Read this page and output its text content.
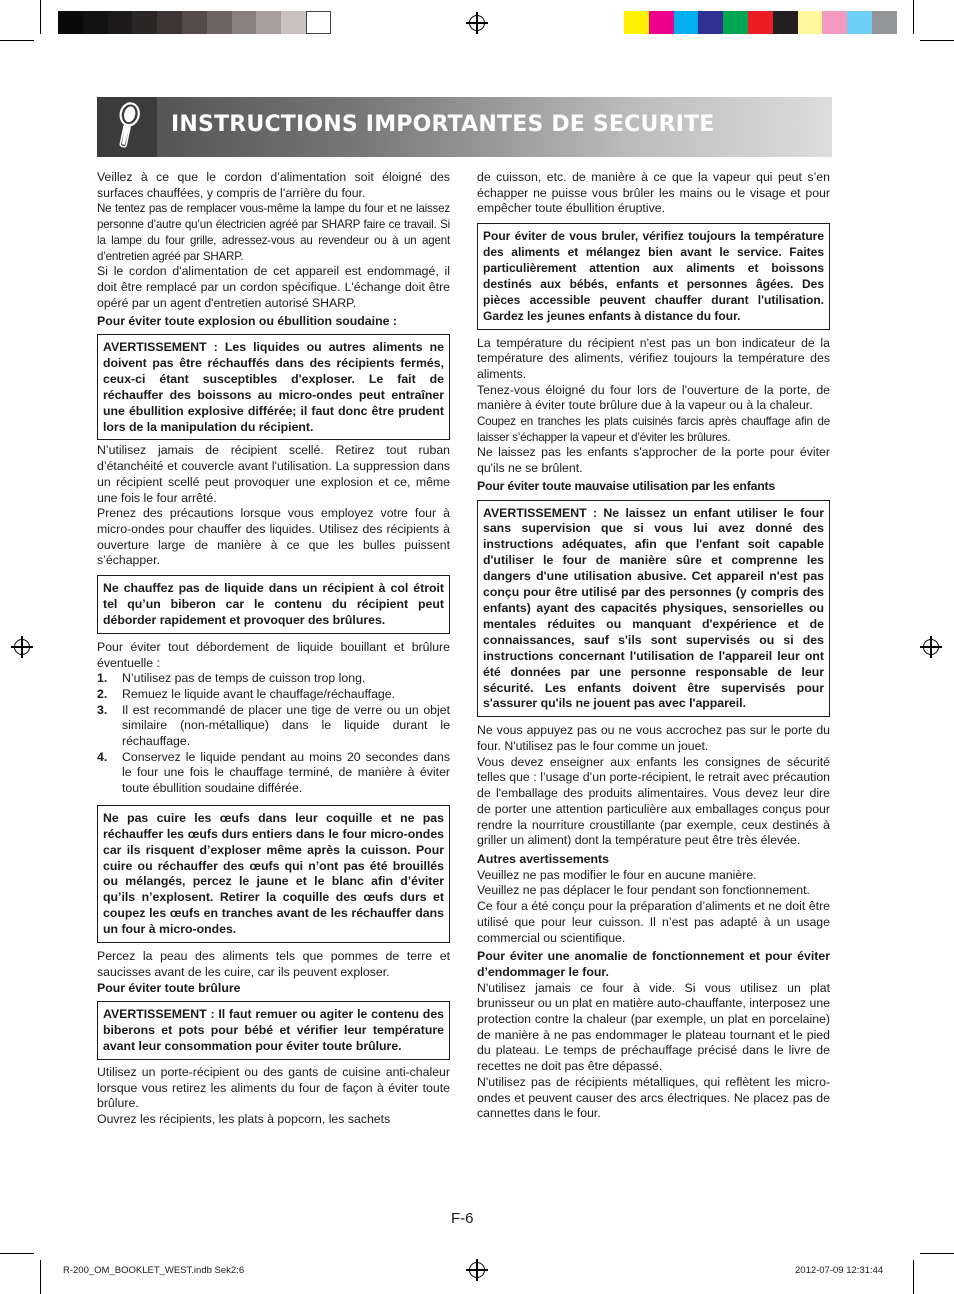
INSTRUCTIONS IMPORTANTES DE SECURITE

Veillez à ce que le cordon d’alimentation soit éloigné des surfaces chauffées, y compris de l’arrière du four.

Ne tentez pas de remplacer vous-même la lampe du four et ne laissez personne d’autre qu’un électricien agréé par SHARP faire ce travail. Si la lampe du four grille, adressez-vous au revendeur ou à un agent d’entretien agréé par SHARP.

Si le cordon d'alimentation de cet appareil est endommagé, il doit être remplacé par un cordon spécifique. L'échange doit être opéré par un agent d'entretien autorisé SHARP.

Pour éviter toute explosion ou ébullition soudaine :

AVERTISSEMENT : Les liquides ou autres aliments ne doivent pas être réchauffés dans des récipients fermés, ceux-ci étant susceptibles d'exploser. Le fait de réchauffer des boissons au micro-ondes peut entraîner une ébullition explosive différée; il faut donc être prudent lors de la manipulation du récipient.

N’utilisez jamais de récipient scellé. Retirez tout ruban d’étanchéité et couvercle avant l'utilisation. La suppression dans un récipient scellé peut provoquer une explosion et ce, même une fois le four arrêté.

Prenez des précautions lorsque vous employez votre four à micro-ondes pour chauffer des liquides. Utilisez des récipients à ouverture large de manière à ce que les bulles puissent s’échapper.

Ne chauffez pas de liquide dans un récipient à col étroit tel qu’un biberon car le contenu du récipient peut déborder rapidement et provoquer des brûlures.

Pour éviter tout débordement de liquide bouillant et brûlure éventuelle :

1. N’utilisez pas de temps de cuisson trop long.
2. Remuez le liquide avant le chauffage/réchauffage.
3. Il est recommandé de placer une tige de verre ou un objet similaire (non-métallique) dans le liquide durant le réchauffage.
4. Conservez le liquide pendant au moins 20 secondes dans le four une fois le chauffage terminé, de manière à éviter toute ébullition soudaine différée.
Ne pas cuire les œufs dans leur coquille et ne pas réchauffer les œufs durs entiers dans le four micro-ondes car ils risquent d’exploser même après la cuisson. Pour cuire ou réchauffer des œufs qui n’ont pas été brouillés ou mélangés, percez le jaune et le blanc afin d’éviter qu’ils n’explosent. Retirer la coquille des œufs durs et coupez les œufs en tranches avant de les réchauffer dans un four à micro-ondes.

Percez la peau des aliments tels que pommes de terre et saucisses avant de les cuire, car ils peuvent exploser.

Pour éviter toute brûlure

AVERTISSEMENT : Il faut remuer ou agiter le contenu des biberons et pots pour bébé et vérifier leur température avant leur consommation pour éviter toute brûlure.

Utilisez un porte-récipient ou des gants de cuisine anti-chaleur lorsque vous retirez les aliments du four de façon à éviter toute brûlure.

Ouvrez les récipients, les plats à popcorn, les sachets

de cuisson, etc. de manière à ce que la vapeur qui peut s’en échapper ne puisse vous brûler les mains ou le visage et pour empêcher toute ébullition éruptive.

Pour éviter de vous bruler, vérifiez toujours la température des aliments et mélangez bien avant le service. Faites particulièrement attention aux aliments et boissons destinés aux bébés, enfants et personnes âgées. Des pièces accessible peuvent chauffer durant l'utilisation. Gardez les jeunes enfants à distance du four.

La température du récipient n'est pas un bon indicateur de la température des aliments, vérifiez toujours la température des aliments.

Tenez-vous éloigné du four lors de l'ouverture de la porte, de manière à éviter toute brûlure due à la vapeur ou à la chaleur.

Coupez en tranches les plats cuisinés farcis après chauffage afin de laisser s’échapper la vapeur et d’éviter les brûlures.

Ne laissez pas les enfants s'approcher de la porte pour éviter qu'ils ne se brûlent.

Pour éviter toute mauvaise utilisation par les enfants

AVERTISSEMENT : Ne laissez un enfant utiliser le four sans supervision que si vous lui avez donné des instructions adéquates, afin que l'enfant soit capable d'utiliser le four de manière sûre et comprenne les dangers d'une utilisation abusive. Cet appareil n'est pas conçu pour être utilisé par des personnes (y compris des enfants) ayant des capacités physiques, sensorielles ou mentales réduites ou manquant d'expérience et de connaissances, sauf s'ils sont supervisés ou si des instructions concernant l'utilisation de l'appareil leur ont été données par une personne responsable de leur sécurité. Les enfants doivent être supervisés pour s'assurer qu'ils ne jouent pas avec l'appareil.

Ne vous appuyez pas ou ne vous accrochez pas sur le porte du four. N'utilisez pas le four comme un jouet.

Vous devez enseigner aux enfants les consignes de sécurité telles que : l’usage d’un porte-récipient, le retrait avec précaution de l'emballage des produits alimentaires. Vous devez leur dire de porter une attention particulière aux emballages conçus pour rendre la nourriture croustillante (par exemple, ceux destinés à griller un aliment) dont la température peut être très élevée.

Autres avertissements

Veuillez ne pas modifier le four en aucune manière.

Veuillez ne pas déplacer le four pendant son fonctionnement.

Ce four a été conçu pour la préparation d’aliments et ne doit être utilisé que pour leur cuisson. Il n’est pas adapté à un usage commercial ou scientifique.

Pour éviter une anomalie de fonctionnement et pour éviter d’endommager le four.

N'utilisez jamais ce four à vide. Si vous utilisez un plat brunisseur ou un plat en matière auto-chauffante, interposez une protection contre la chaleur (par exemple, un plat en porcelaine) de manière à ne pas endommager le plateau tournant et le pied du plateau. Le temps de préchauffage précisé dans le livre de recettes ne doit pas être dépassé.

N'utilisez pas de récipients métalliques, qui reflètent les micro-ondes et peuvent causer des arcs électriques. Ne placez pas de cannettes dans le four.

F-6
R-200_OM_BOOKLET_WEST.indb Sek2:6	2012-07-09 12:31:44
